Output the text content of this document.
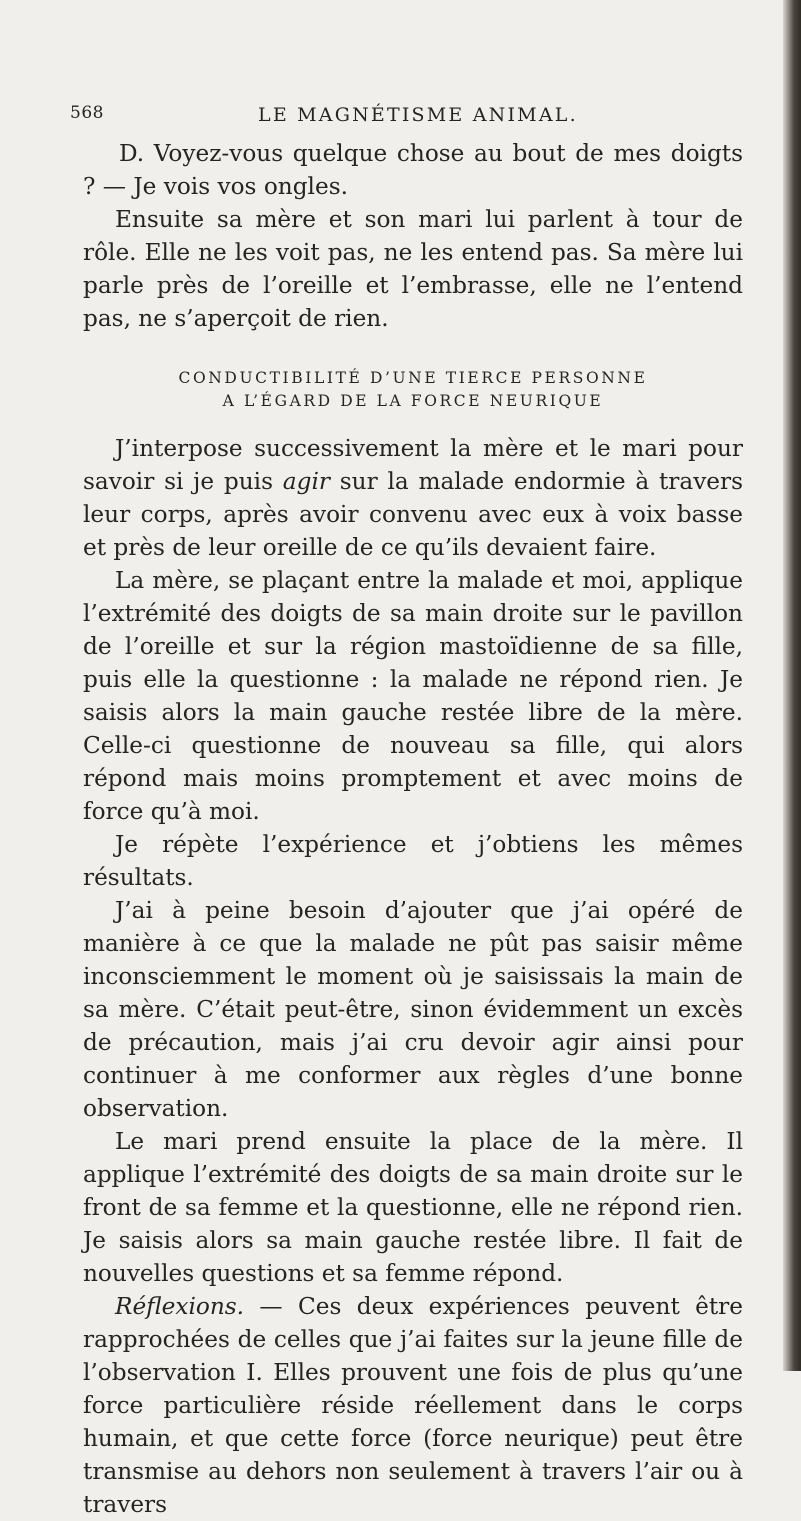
568	LE MAGNÉTISME ANIMAL.

D. Voyez-vous quelque chose au bout de mes doigts ? — Je vois vos ongles.

Ensuite sa mère et son mari lui parlent à tour de rôle. Elle ne les voit pas, ne les entend pas. Sa mère lui parle près de l’oreille et l’embrasse, elle ne l’entend pas, ne s’aperçoit de rien.

CONDUCTIBILITÉ D’UNE TIERCE PERSONNE
A L’ÉGARD DE LA FORCE NEURIQUE

J’interpose successivement la mère et le mari pour savoir si je puis agir sur la malade endormie à travers leur corps, après avoir convenu avec eux à voix basse et près de leur oreille de ce qu’ils devaient faire.

La mère, se plaçant entre la malade et moi, applique l’extrémité des doigts de sa main droite sur le pavillon de l’oreille et sur la région mastoïdienne de sa fille, puis elle la questionne : la malade ne répond rien. Je saisis alors la main gauche restée libre de la mère. Celle-ci questionne de nouveau sa fille, qui alors répond mais moins promptement et avec moins de force qu’à moi.

Je répète l’expérience et j’obtiens les mêmes résultats.

J’ai à peine besoin d’ajouter que j’ai opéré de manière à ce que la malade ne pût pas saisir même inconsciemment le moment où je saisissais la main de sa mère. C’était peut-être, sinon évidemment un excès de précaution, mais j’ai cru devoir agir ainsi pour continuer à me conformer aux règles d’une bonne observation.

Le mari prend ensuite la place de la mère. Il applique l’extrémité des doigts de sa main droite sur le front de sa femme et la questionne, elle ne répond rien. Je saisis alors sa main gauche restée libre. Il fait de nouvelles questions et sa femme répond.

Réflexions. — Ces deux expériences peuvent être rapprochées de celles que j’ai faites sur la jeune fille de l’observation I. Elles prouvent une fois de plus qu’une force particulière réside réellement dans le corps humain, et que cette force (force neurique) peut être transmise au dehors non seulement à travers l’air ou à travers
